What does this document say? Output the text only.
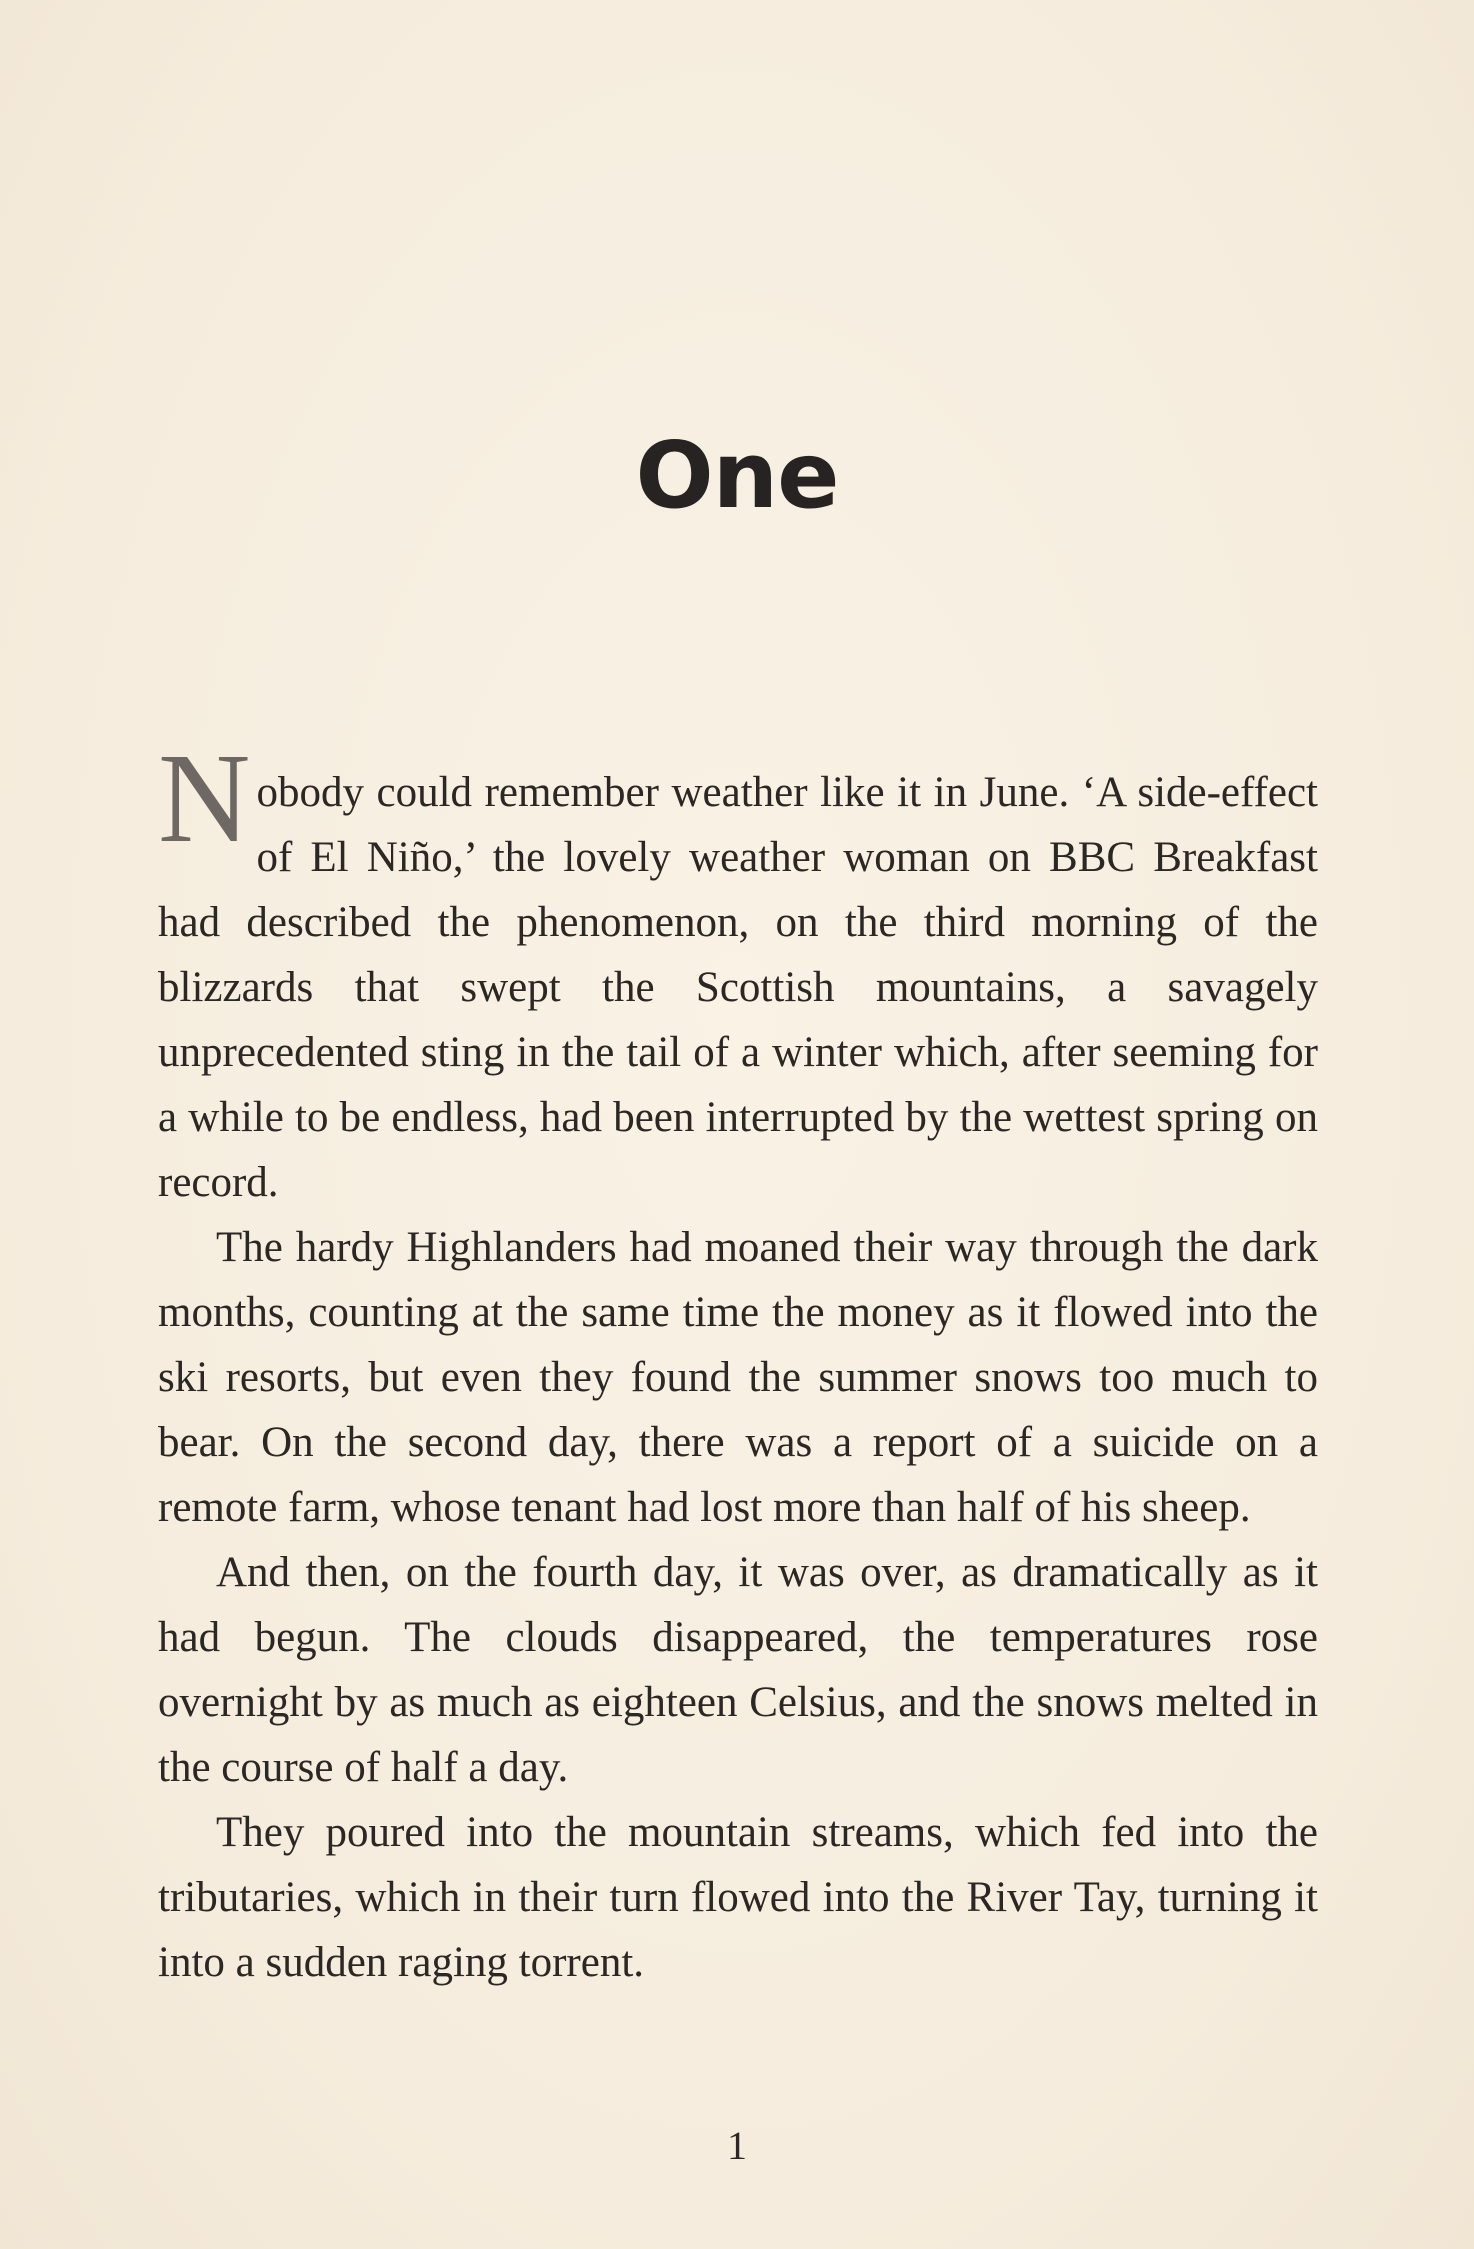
One

Nobody could remember weather like it in June. ‘A side-effect of El Niño,’ the lovely weather woman on BBC Breakfast had described the phenomenon, on the third morning of the blizzards that swept the Scottish mountains, a savagely unprecedented sting in the tail of a winter which, after seeming for a while to be endless, had been interrupted by the wettest spring on record.

The hardy Highlanders had moaned their way through the dark months, counting at the same time the money as it flowed into the ski resorts, but even they found the summer snows too much to bear. On the second day, there was a report of a suicide on a remote farm, whose tenant had lost more than half of his sheep.

And then, on the fourth day, it was over, as dramatically as it had begun. The clouds disappeared, the temperatures rose overnight by as much as eighteen Celsius, and the snows melted in the course of half a day.

They poured into the mountain streams, which fed into the tributaries, which in their turn flowed into the River Tay, turning it into a sudden raging torrent.

1
